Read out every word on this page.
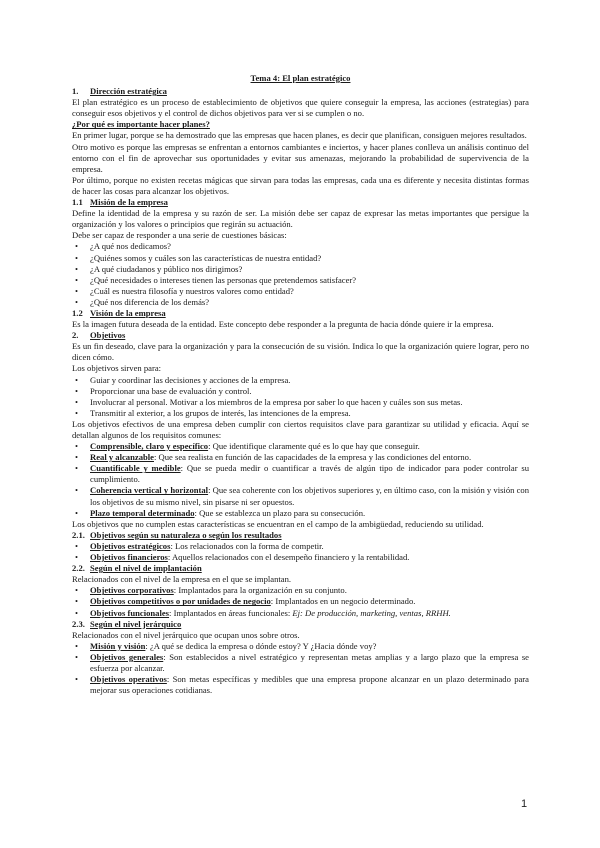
Tema 4: El plan estratégico
1. Dirección estratégica
El plan estratégico es un proceso de establecimiento de objetivos que quiere conseguir la empresa, las acciones (estrategias) para conseguir esos objetivos y el control de dichos objetivos para ver si se cumplen o no.
¿Por qué es importante hacer planes?
En primer lugar, porque se ha demostrado que las empresas que hacen planes, es decir que planifican, consiguen mejores resultados.
Otro motivo es porque las empresas se enfrentan a entornos cambiantes e inciertos, y hacer planes conlleva un análisis continuo del entorno con el fin de aprovechar sus oportunidades y evitar sus amenazas, mejorando la probabilidad de supervivencia de la empresa.
Por último, porque no existen recetas mágicas que sirvan para todas las empresas, cada una es diferente y necesita distintas formas de hacer las cosas para alcanzar los objetivos.
1.1 Misión de la empresa
Define la identidad de la empresa y su razón de ser. La misión debe ser capaz de expresar las metas importantes que persigue la organización y los valores o principios que regirán su actuación.
Debe ser capaz de responder a una serie de cuestiones básicas:
• ¿A qué nos dedicamos?
• ¿Quiénes somos y cuáles son las características de nuestra entidad?
• ¿A qué ciudadanos y público nos dirigimos?
• ¿Qué necesidades o intereses tienen las personas que pretendemos satisfacer?
• ¿Cuál es nuestra filosofía y nuestros valores como entidad?
• ¿Qué nos diferencia de los demás?
1.2 Visión de la empresa
Es la imagen futura deseada de la entidad. Este concepto debe responder a la pregunta de hacia dónde quiere ir la empresa.
2. Objetivos
Es un fin deseado, clave para la organización y para la consecución de su visión. Indica lo que la organización quiere lograr, pero no dicen cómo.
Los objetivos sirven para:
• Guiar y coordinar las decisiones y acciones de la empresa.
• Proporcionar una base de evaluación y control.
• Involucrar al personal. Motivar a los miembros de la empresa por saber lo que hacen y cuáles son sus metas.
• Transmitir al exterior, a los grupos de interés, las intenciones de la empresa.
Los objetivos efectivos de una empresa deben cumplir con ciertos requisitos clave para garantizar su utilidad y eficacia. Aquí se detallan algunos de los requisitos comunes:
• Comprensible, claro y específico: Que identifique claramente qué es lo que hay que conseguir.
• Real y alcanzable: Que sea realista en función de las capacidades de la empresa y las condiciones del entorno.
• Cuantificable y medible: Que se pueda medir o cuantificar a través de algún tipo de indicador para poder controlar su cumplimiento.
• Coherencia vertical y horizontal: Que sea coherente con los objetivos superiores y, en último caso, con la misión y visión con los objetivos de su mismo nivel, sin pisarse ni ser opuestos.
• Plazo temporal determinado: Que se establezca un plazo para su consecución.
Los objetivos que no cumplen estas características se encuentran en el campo de la ambigüedad, reduciendo su utilidad.
2.1. Objetivos según su naturaleza o según los resultados
• Objetivos estratégicos: Los relacionados con la forma de competir.
• Objetivos financieros: Aquellos relacionados con el desempeño financiero y la rentabilidad.
2.2. Según el nivel de implantación
Relacionados con el nivel de la empresa en el que se implantan.
• Objetivos corporativos: Implantados para la organización en su conjunto.
• Objetivos competitivos o por unidades de negocio: Implantados en un negocio determinado.
• Objetivos funcionales: Implantados en áreas funcionales: Ej: De producción, marketing, ventas, RRHH.
2.3. Según el nivel jerárquico
Relacionados con el nivel jerárquico que ocupan unos sobre otros.
• Misión y visión: ¿A qué se dedica la empresa o dónde estoy? Y ¿Hacia dónde voy?
• Objetivos generales: Son establecidos a nivel estratégico y representan metas amplias y a largo plazo que la empresa se esfuerza por alcanzar.
• Objetivos operativos: Son metas específicas y medibles que una empresa propone alcanzar en un plazo determinado para mejorar sus operaciones cotidianas.
1
